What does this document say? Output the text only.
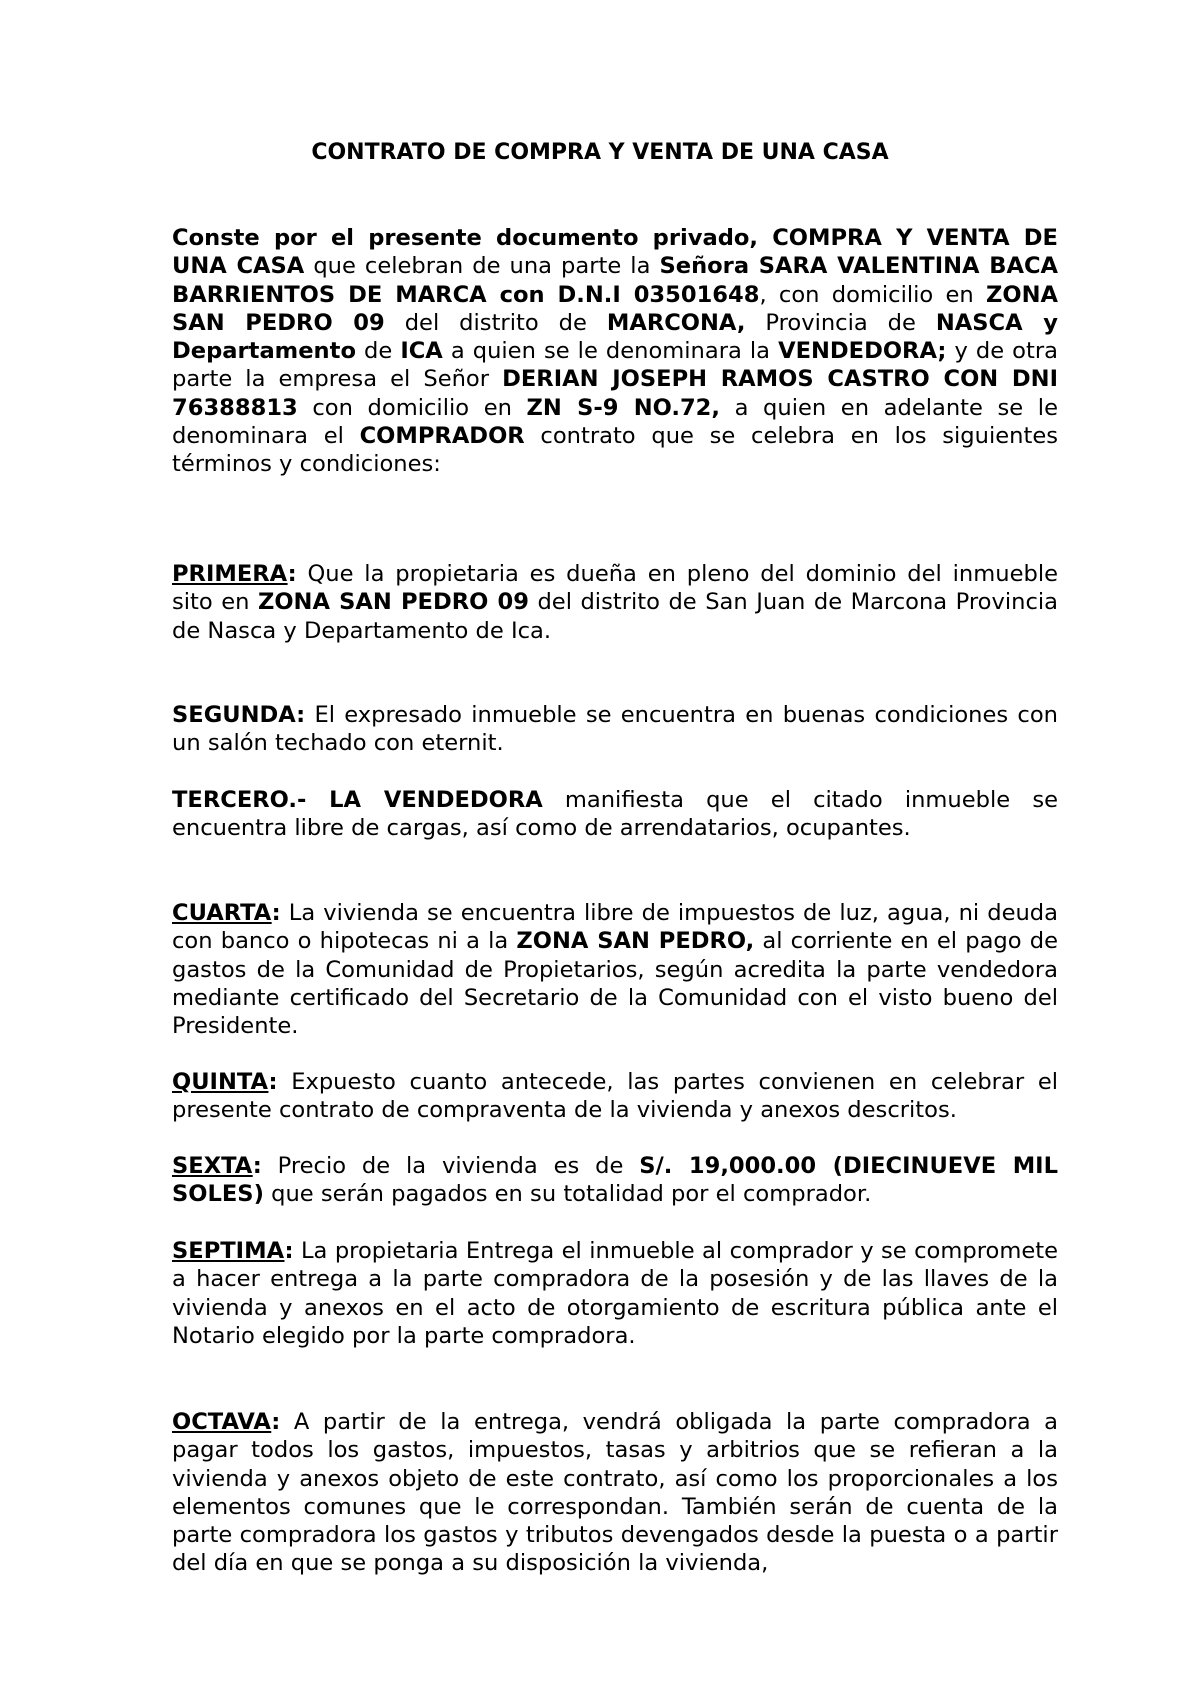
CONTRATO DE COMPRA Y VENTA DE UNA CASA

Conste por el presente documento privado, COMPRA Y VENTA DE UNA CASA que celebran de una parte la Señora SARA VALENTINA BACA BARRIENTOS DE MARCA con D.N.I 03501648, con domicilio en ZONA SAN PEDRO 09 del distrito de MARCONA, Provincia de NASCA y Departamento de ICA a quien se le denominara la VENDEDORA; y de otra parte la empresa el Señor DERIAN JOSEPH RAMOS CASTRO CON DNI 76388813 con domicilio en ZN S-9 NO.72, a quien en adelante se le denominara el COMPRADOR contrato que se celebra en los siguientes términos y condiciones:

PRIMERA: Que la propietaria es dueña en pleno del dominio del inmueble sito en ZONA SAN PEDRO 09 del distrito de San Juan de Marcona Provincia de Nasca y Departamento de Ica.

SEGUNDA: El expresado inmueble se encuentra en buenas condiciones con un salón techado con eternit.

TERCERO.- LA VENDEDORA manifiesta que el citado inmueble se encuentra libre de cargas, así como de arrendatarios, ocupantes.

CUARTA: La vivienda se encuentra libre de impuestos de luz, agua, ni deuda con banco o hipotecas ni a la ZONA SAN PEDRO, al corriente en el pago de gastos de la Comunidad de Propietarios, según acredita la parte vendedora mediante certificado del Secretario de la Comunidad con el visto bueno del Presidente.

QUINTA: Expuesto cuanto antecede, las partes convienen en celebrar el presente contrato de compraventa de la vivienda y anexos descritos.

SEXTA: Precio de la vivienda es de S/. 19,000.00 (DIECINUEVE MIL SOLES) que serán pagados en su totalidad por el comprador.

SEPTIMA: La propietaria Entrega el inmueble al comprador y se compromete a hacer entrega a la parte compradora de la posesión y de las llaves de la vivienda y anexos en el acto de otorgamiento de escritura pública ante el Notario elegido por la parte compradora.

OCTAVA: A partir de la entrega, vendrá obligada la parte compradora a pagar todos los gastos, impuestos, tasas y arbitrios que se refieran a la vivienda y anexos objeto de este contrato, así como los proporcionales a los elementos comunes que le correspondan. También serán de cuenta de la parte compradora los gastos y tributos devengados desde la puesta o a partir del día en que se ponga a su disposición la vivienda,
